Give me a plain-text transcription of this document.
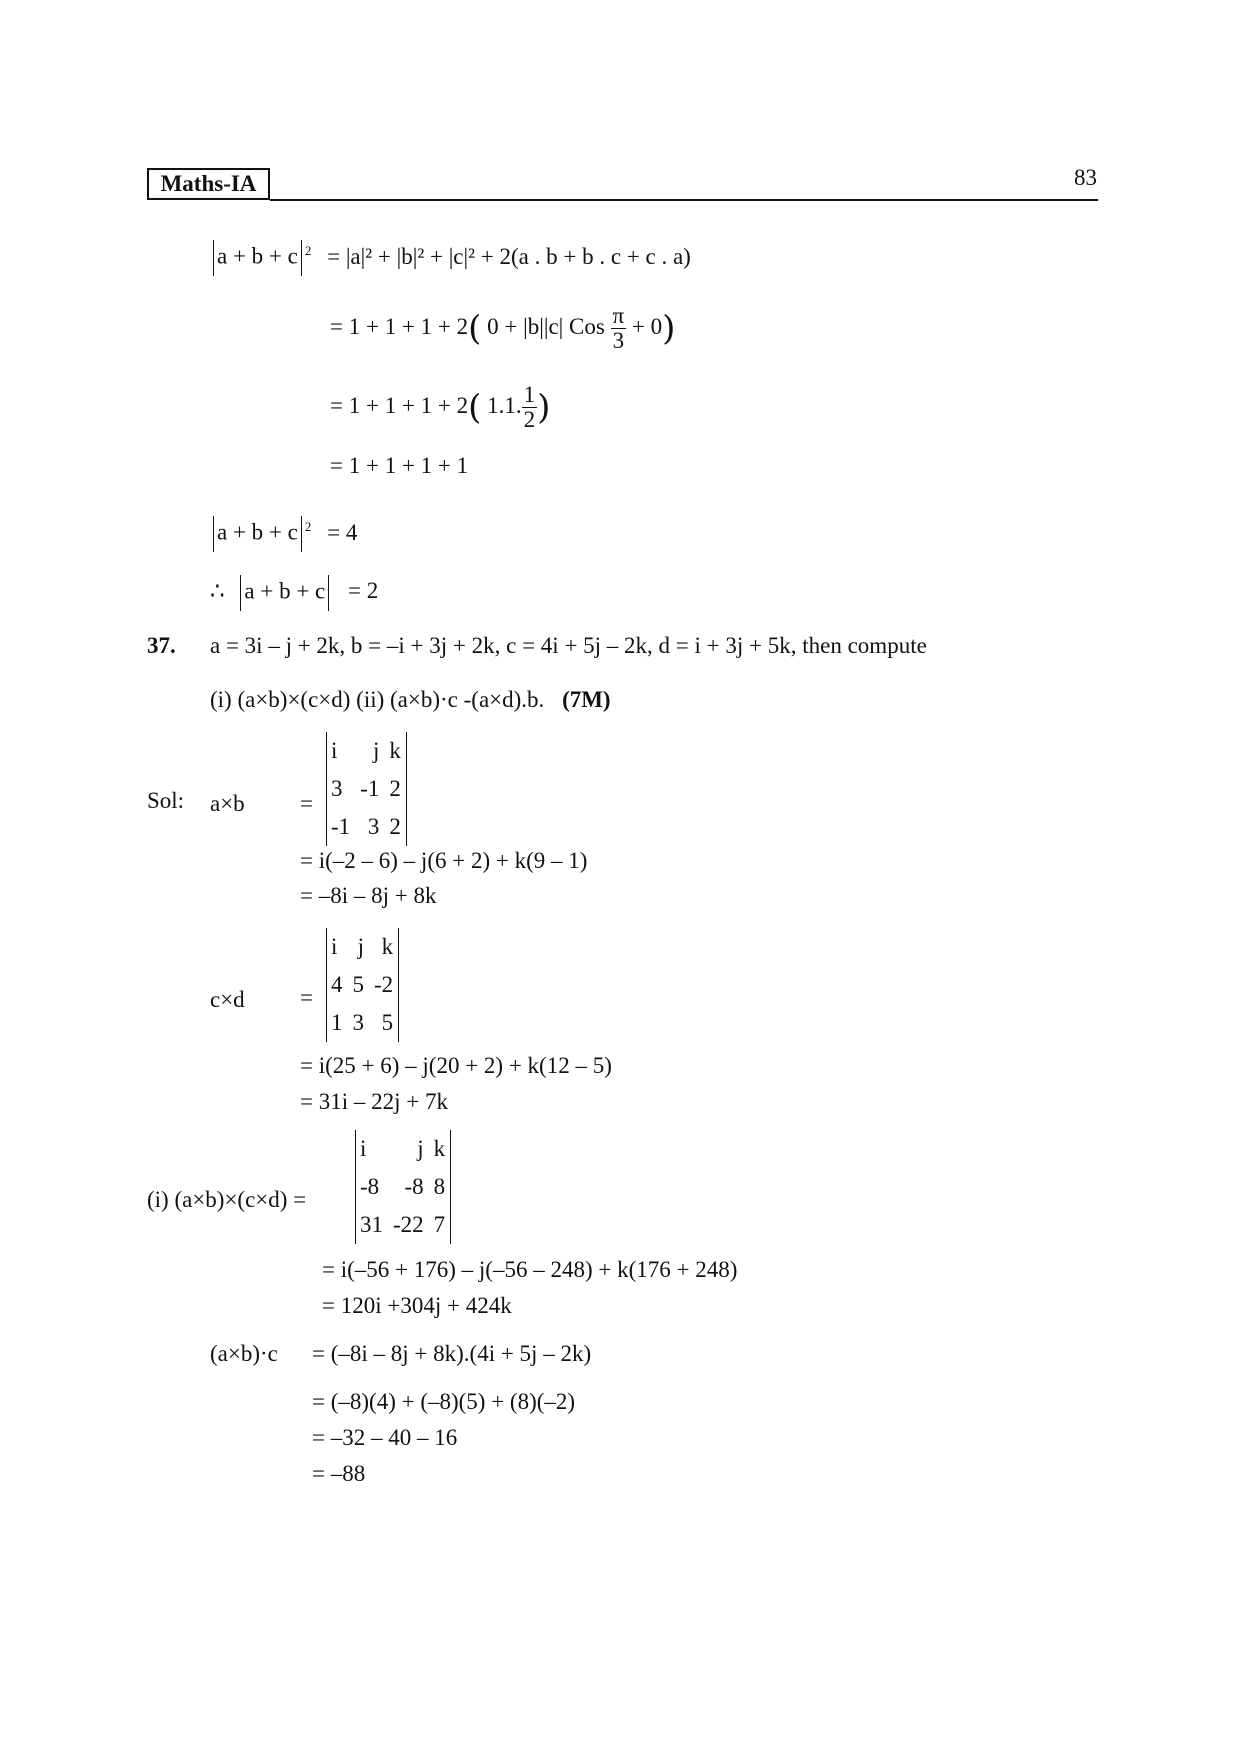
Maths-IA	83
a + b + c $^2$ = |a|² + |b|² + |c|² + 2(a . b + b . c + c . a)
= 1 + 1 + 1 + 2( 0 + |b||c| Cos $\frac{\pi}{3} + 0$)
= 1 + 1 + 1 + 2( 1.1. $\frac{1}{2}$ )
= 1 + 1 + 1 + 1
a + b + c $^2$ = 4
∴ a + b + c = 2
37. a = 3i – j + 2k, b = –i + 3j + 2k, c = 4i + 5j – 2k, d = i + 3j + 5k, then compute
(i) (a×b)×(c×d) (ii) (a×b)·c -(a×d).b. (7M)
Sol: a×b =
i	j	k
3	-1	2
-1	3	2
= i(–2 – 6) – j(6 + 2) + k(9 – 1)
= –8i – 8j + 8k
c×d =
i	j	k
4	5	-2
1	3	5
= i(25 + 6) – j(20 + 2) + k(12 – 5)
= 31i – 22j + 7k
(i) (a×b)×(c×d) =
i	j	k
-8	-8	8
31	-22	7
= i(–56 + 176) – j(–56 – 248) + k(176 + 248)
= 120i +304j + 424k
(a×b)·c = (–8i – 8j + 8k).(4i + 5j – 2k)
= (–8)(4) + (–8)(5) + (8)(–2)
= –32 – 40 – 16
= –88
